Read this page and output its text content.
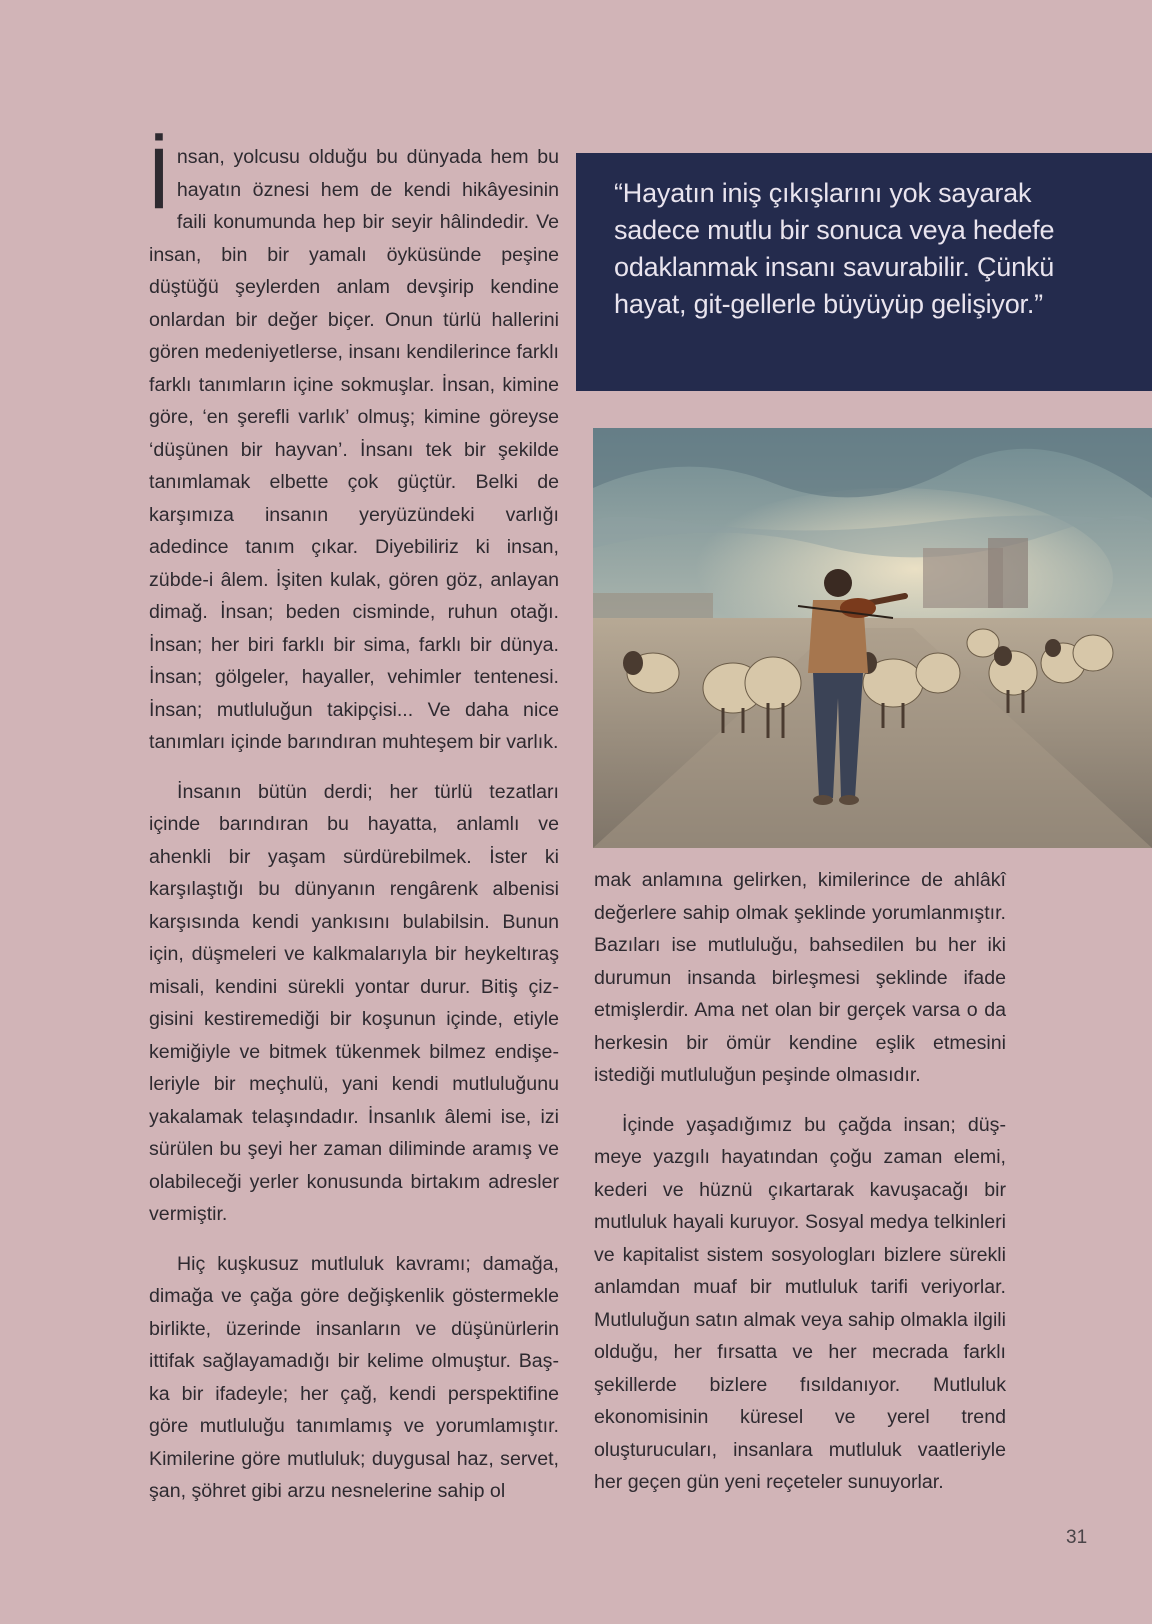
İnsan, yolcusu olduğu bu dünyada hem bu hayatın öznesi hem de kendi hikâyesinin faili konumunda hep bir seyir hâlindedir. Ve insan, bin bir yamalı öyküsünde peşine düştüğü şeylerden anlam devşirip kendine onlardan bir değer biçer. Onun türlü hallerini gören medeniyetlerse, insanı kendilerince farklı farklı tanımların içine sokmuşlar. İnsan, kimine göre, ‘en şerefli varlık’ olmuş; kimine göreyse ‘düşünen bir hayvan’. İnsanı tek bir şekilde tanımlamak elbette çok güçtür. Belki de karşımıza insanın yeryüzündeki varlığı adedince tanım çıkar. Diyebiliriz ki insan, zübde-i âlem. İşiten kulak, gören göz, anlayan dimağ. İnsan; beden cisminde, ruhun otağı. İnsan; her biri farklı bir sima, farklı bir dünya. İnsan; gölgeler, hayaller, vehimler tentenesi. İnsan; mutluluğun takipçisi... Ve daha nice tanımları içinde barındıran muhteşem bir varlık.

İnsanın bütün derdi; her türlü tezatları içinde barındıran bu hayatta, anlamlı ve ahenkli bir yaşam sürdürebilmek. İster ki karşılaştığı bu dünyanın rengârenk albenisi karşısında kendi yankısını bulabilsin. Bunun için, düşmeleri ve kalkmalarıyla bir heykeltıraş misali, kendini sürekli yontar durur. Bitiş çizgisini kestiremediği bir koşunun içinde, etiyle kemiğiyle ve bitmek tükenmek bilmez endişeleriyle bir meçhulü, yani kendi mutluluğunu yakalamak telaşındadır. İnsanlık âlemi ise, izi sürülen bu şeyi her zaman diliminde aramış ve olabileceği yerler konusunda birtakım adresler vermiştir.

Hiç kuşkusuz mutluluk kavramı; damağa, dimağa ve çağa göre değişkenlik göstermekle birlikte, üzerinde insanların ve düşünürlerin ittifak sağlayamadığı bir kelime olmuştur. Başka bir ifadeyle; her çağ, kendi perspektifine göre mutluluğu tanımlamış ve yorumlamıştır. Kimilerine göre mutluluk; duygusal haz, servet, şan, şöhret gibi arzu nesnelerine sahip ol

“Hayatın iniş çıkışlarını yok sayarak sadece mutlu bir sonuca veya hedefe odaklanmak insanı savurabilir. Çünkü hayat, git-gellerle büyüyüp gelişiyor.”

mak anlamına gelirken, kimilerince de ahlâkî değerlere sahip olmak şeklinde yorumlanmıştır. Bazıları ise mutluluğu, bahsedilen bu her iki durumun insanda birleşmesi şeklinde ifade etmişlerdir. Ama net olan bir gerçek varsa o da herkesin bir ömür kendine eşlik etmesini istediği mutluluğun peşinde olmasıdır.

İçinde yaşadığımız bu çağda insan; düşmeye yazgılı hayatından çoğu zaman elemi, kederi ve hüznü çıkartarak kavuşacağı bir mutluluk hayali kuruyor. Sosyal medya telkinleri ve kapitalist sistem sosyologları bizlere sürekli anlamdan muaf bir mutluluk tarifi veriyorlar. Mutluluğun satın almak veya sahip olmakla ilgili olduğu, her fırsatta ve her mecrada farklı şekillerde bizlere fısıldanıyor. Mutluluk ekonomisinin küresel ve yerel trend oluşturucuları, insanlara mutluluk vaatleriyle her geçen gün yeni reçeteler sunuyorlar.

31
